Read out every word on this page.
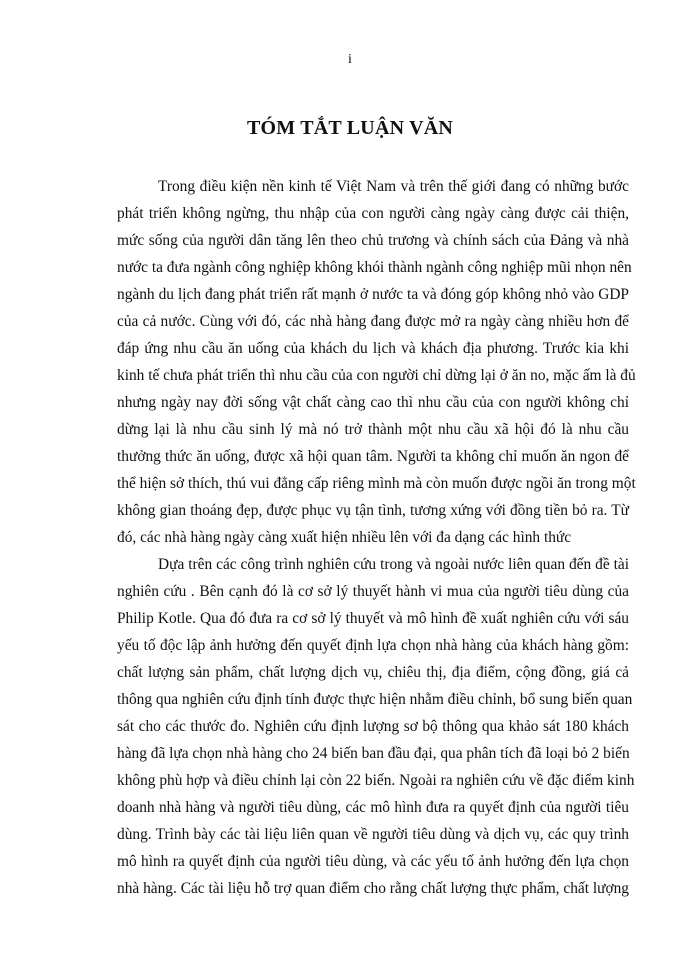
i
TÓM TẮT LUẬN VĂN
Trong điều kiện nền kinh tế Việt Nam và trên thế giới đang có những bước
phát triển không ngừng, thu nhập của con người càng ngày càng được cải thiện,
mức sống của người dân tăng lên theo chủ trương và chính sách của Đảng và nhà
nước ta đưa ngành công nghiệp không khói thành ngành công nghiệp mũi nhọn nên
ngành du lịch đang phát triển rất mạnh ở nước ta và đóng góp không nhỏ vào GDP
của cả nước. Cùng với đó, các nhà hàng đang được mở ra ngày càng nhiều hơn để
đáp ứng nhu cầu ăn uống của khách du lịch và khách địa phương. Trước kia khi
kinh tế chưa phát triển thì nhu cầu của con người chỉ dừng lại ở ăn no, mặc ấm là đủ
nhưng ngày nay đời sống vật chất càng cao thì nhu cầu của con người không chỉ
dừng lại là nhu cầu sinh lý mà nó trở thành một nhu cầu xã hội đó là nhu cầu
thưởng thức ăn uống, được xã hội quan tâm. Người ta không chỉ muốn ăn ngon để
thể hiện sở thích, thú vui đẳng cấp riêng mình mà còn muốn được ngồi ăn trong một
không gian thoáng đẹp, được phục vụ tận tình, tương xứng với đồng tiền bỏ ra. Từ
đó, các nhà hàng ngày càng xuất hiện nhiều lên với đa dạng các hình thức
Dựa trên các công trình nghiên cứu trong và ngoài nước liên quan đến đề tài
nghiên cứu . Bên cạnh đó là cơ sở lý thuyết hành vi mua của người tiêu dùng của
Philip Kotle. Qua đó đưa ra cơ sở lý thuyết và mô hình đề xuất nghiên cứu với sáu
yếu tố độc lập ảnh hưởng đến quyết định lựa chọn nhà hàng của khách hàng gồm:
chất lượng sản phẩm, chất lượng dịch vụ, chiêu thị, địa điểm, cộng đồng, giá cả
thông qua nghiên cứu định tính được thực hiện nhằm điều chỉnh, bổ sung biến quan
sát cho các thước đo. Nghiên cứu định lượng sơ bộ thông qua khảo sát 180 khách
hàng đã lựa chọn nhà hàng cho 24 biến ban đầu đại, qua phân tích đã loại bỏ 2 biến
không phù hợp và điều chỉnh lại còn 22 biến. Ngoài ra nghiên cứu về đặc điểm kinh
doanh nhà hàng và người tiêu dùng, các mô hình đưa ra quyết định của người tiêu
dùng. Trình bày các tài liệu liên quan về người tiêu dùng và dịch vụ, các quy trình
mô hình ra quyết định của người tiêu dùng, và các yếu tố ảnh hưởng đến lựa chọn
nhà hàng. Các tài liệu hỗ trợ quan điểm cho rằng chất lượng thực phẩm, chất lượng
